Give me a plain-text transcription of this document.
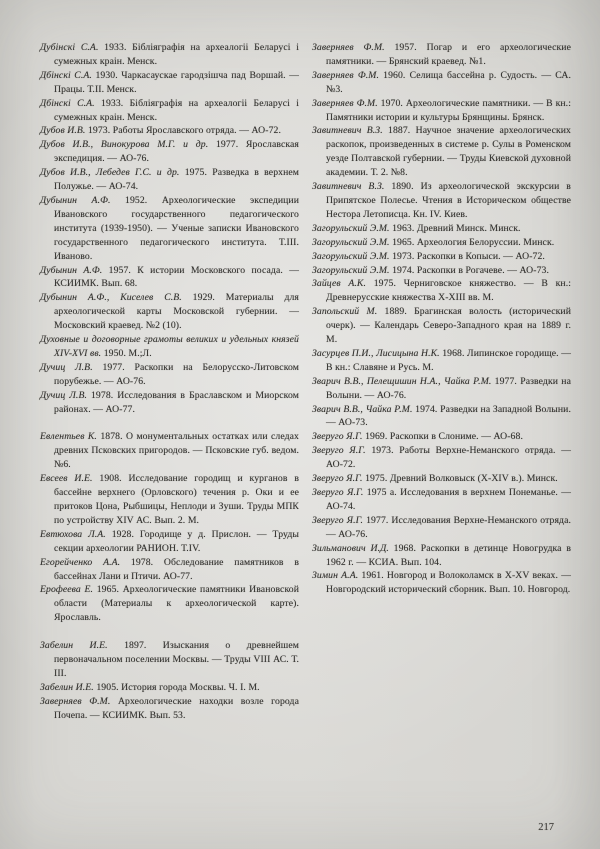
Дубінскі С.А. 1933. Бібліяграфія на археалогіі Беларусі і сумежных краін. Менск.

Дбінскі С.А. 1930. Чаркасаускае гародзішча пад Воршай. — Працы. Т.II. Менск.

Дбінскі С.А. 1933. Бібліяграфія на археалогіі Беларусі і сумежных краін. Менск.

Дубов И.В. 1973. Работы Ярославского отряда. — АО-72.

Дубов И.В., Винокурова М.Г. и др. 1977. Ярославская экспедиция. — АО-76.

Дубов И.В., Лебедев Г.С. и др. 1975. Разведка в верхнем Полужье. — АО-74.

Дубынин А.Ф. 1952. Археологические экспедиции Ивановского государственного педагогического института (1939-1950). — Ученые записки Ивановского государственного педагогического института. Т.III. Иваново.

Дубынин А.Ф. 1957. К истории Московского посада. — КСИИМК. Вып. 68.

Дубынин А.Ф., Киселев С.В. 1929. Материалы для археологической карты Московской губернии. — Московский краевед. №2 (10).

Духовные и договорные грамоты великих и удельных князей XIV-XVI вв. 1950. М.;Л.

Дучиц Л.В. 1977. Раскопки на Белорусско-Литовском порубежье. — АО-76.

Дучиц Л.В. 1978. Исследования в Браславском и Миорском районах. — АО-77.

Евлентьев К. 1878. О монументальных остатках или следах древних Псковских пригородов. — Псковские губ. ведом. №6.

Евсеев И.Е. 1908. Исследование городищ и курганов в бассейне верхнего (Орловского) течения р. Оки и ее притоков Цона, Рыбшицы, Неплоди и Зуши. Труды МПК по устройству XIV АС. Вып. 2. М.

Евтюхова Л.А. 1928. Городище у д. Прислон. — Труды секции археологии РАНИОН. Т.IV.

Егорейченко А.А. 1978. Обследование памятников в бассейнах Лани и Птичи. АО-77.

Ерофеева Е. 1965. Археологические памятники Ивановской области (Материалы к археологической карте). Ярославль.

Забелин И.Е. 1897. Изыскания о древнейшем первоначальном поселении Москвы. — Труды VIII АС. Т. III.

Забелин И.Е. 1905. История города Москвы. Ч. I. М.

Заверняев Ф.М. Археологические находки возле города Почепа. — КСИИМК. Вып. 53.

Заверняев Ф.М. 1957. Погар и его археологические памятники. — Брянский краевед. №1.

Заверняев Ф.М. 1960. Селища бассейна р. Судость. — СА. №3.

Заверняев Ф.М. 1970. Археологические памятники. — В кн.: Памятники истории и культуры Брянщины. Брянск.

Завитневич В.З. 1887. Научное значение археологических раскопок, произведенных в системе р. Сулы в Роменском уезде Полтавской губернии. — Труды Киевской духовной академии. Т. 2. №8.

Завитневич В.З. 1890. Из археологической экскурсии в Припятское Полесье. Чтения в Историческом обществе Нестора Летописца. Кн. IV. Киев.

Загорульский Э.М. 1963. Древний Минск. Минск.

Загорульский Э.М. 1965. Археология Белоруссии. Минск.

Загорульский Э.М. 1973. Раскопки в Копыси. — АО-72.

Загорульский Э.М. 1974. Раскопки в Рогачеве. — АО-73.

Зайцев А.К. 1975. Черниговское княжество. — В кн.: Древнерусские княжества X-XIII вв. М.

Запольский М. 1889. Брагинская волость (исторический очерк). — Календарь Северо-Западного края на 1889 г. М.

Засурцев П.И., Лисицына Н.К. 1968. Липинское городище. — В кн.: Славяне и Русь. М.

Зварич В.В., Пелещишин Н.А., Чайка Р.М. 1977. Разведки на Волыни. — АО-76.

Зварич В.В., Чайка Р.М. 1974. Разведки на Западной Волыни. — АО-73.

Зверуго Я.Г. 1969. Раскопки в Слониме. — АО-68.

Зверуго Я.Г. 1973. Работы Верхне-Неманского отряда. — АО-72.

Зверуго Я.Г. 1975. Древний Волковыск (X-XIV в.). Минск.

Зверуго Я.Г. 1975 а. Исследования в верхнем Понеманье. — АО-74.

Зверуго Я.Г. 1977. Исследования Верхне-Неманского отряда. — АО-76.

Зильманович И.Д. 1968. Раскопки в детинце Новогрудка в 1962 г. — КСИА. Вып. 104.

Зимин А.А. 1961. Новгород и Волоколамск в X-XV веках. — Новгородский исторический сборник. Вып. 10. Новгород.

217
